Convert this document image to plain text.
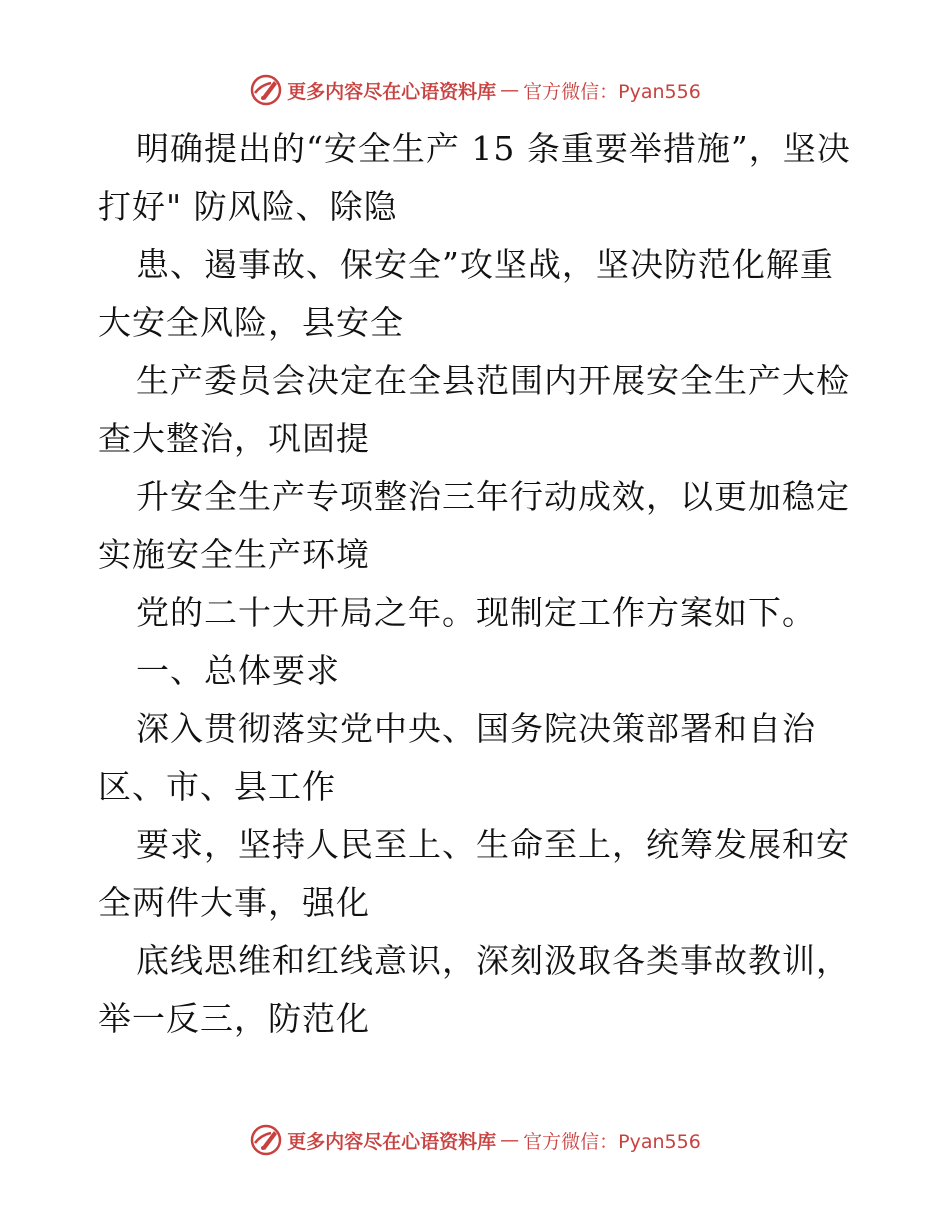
更多内容尽在心语资料库 — 官方微信：Pyan556

明确提出的“安全生产 15 条重要举措施”，坚决打好" 防风险、除隐

患、遏事故、保安全”攻坚战，坚决防范化解重大安全风险，县安全

生产委员会决定在全县范围内开展安全生产大检查大整治，巩固提

升安全生产专项整治三年行动成效，以更加稳定实施安全生产环境

党的二十大开局之年。现制定工作方案如下。

一、总体要求

深入贯彻落实党中央、国务院决策部署和自治区、市、县工作

要求，坚持人民至上、生命至上，统筹发展和安全两件大事，强化

底线思维和红线意识，深刻汲取各类事故教训，举一反三，防范化

更多内容尽在心语资料库 — 官方微信：Pyan556
